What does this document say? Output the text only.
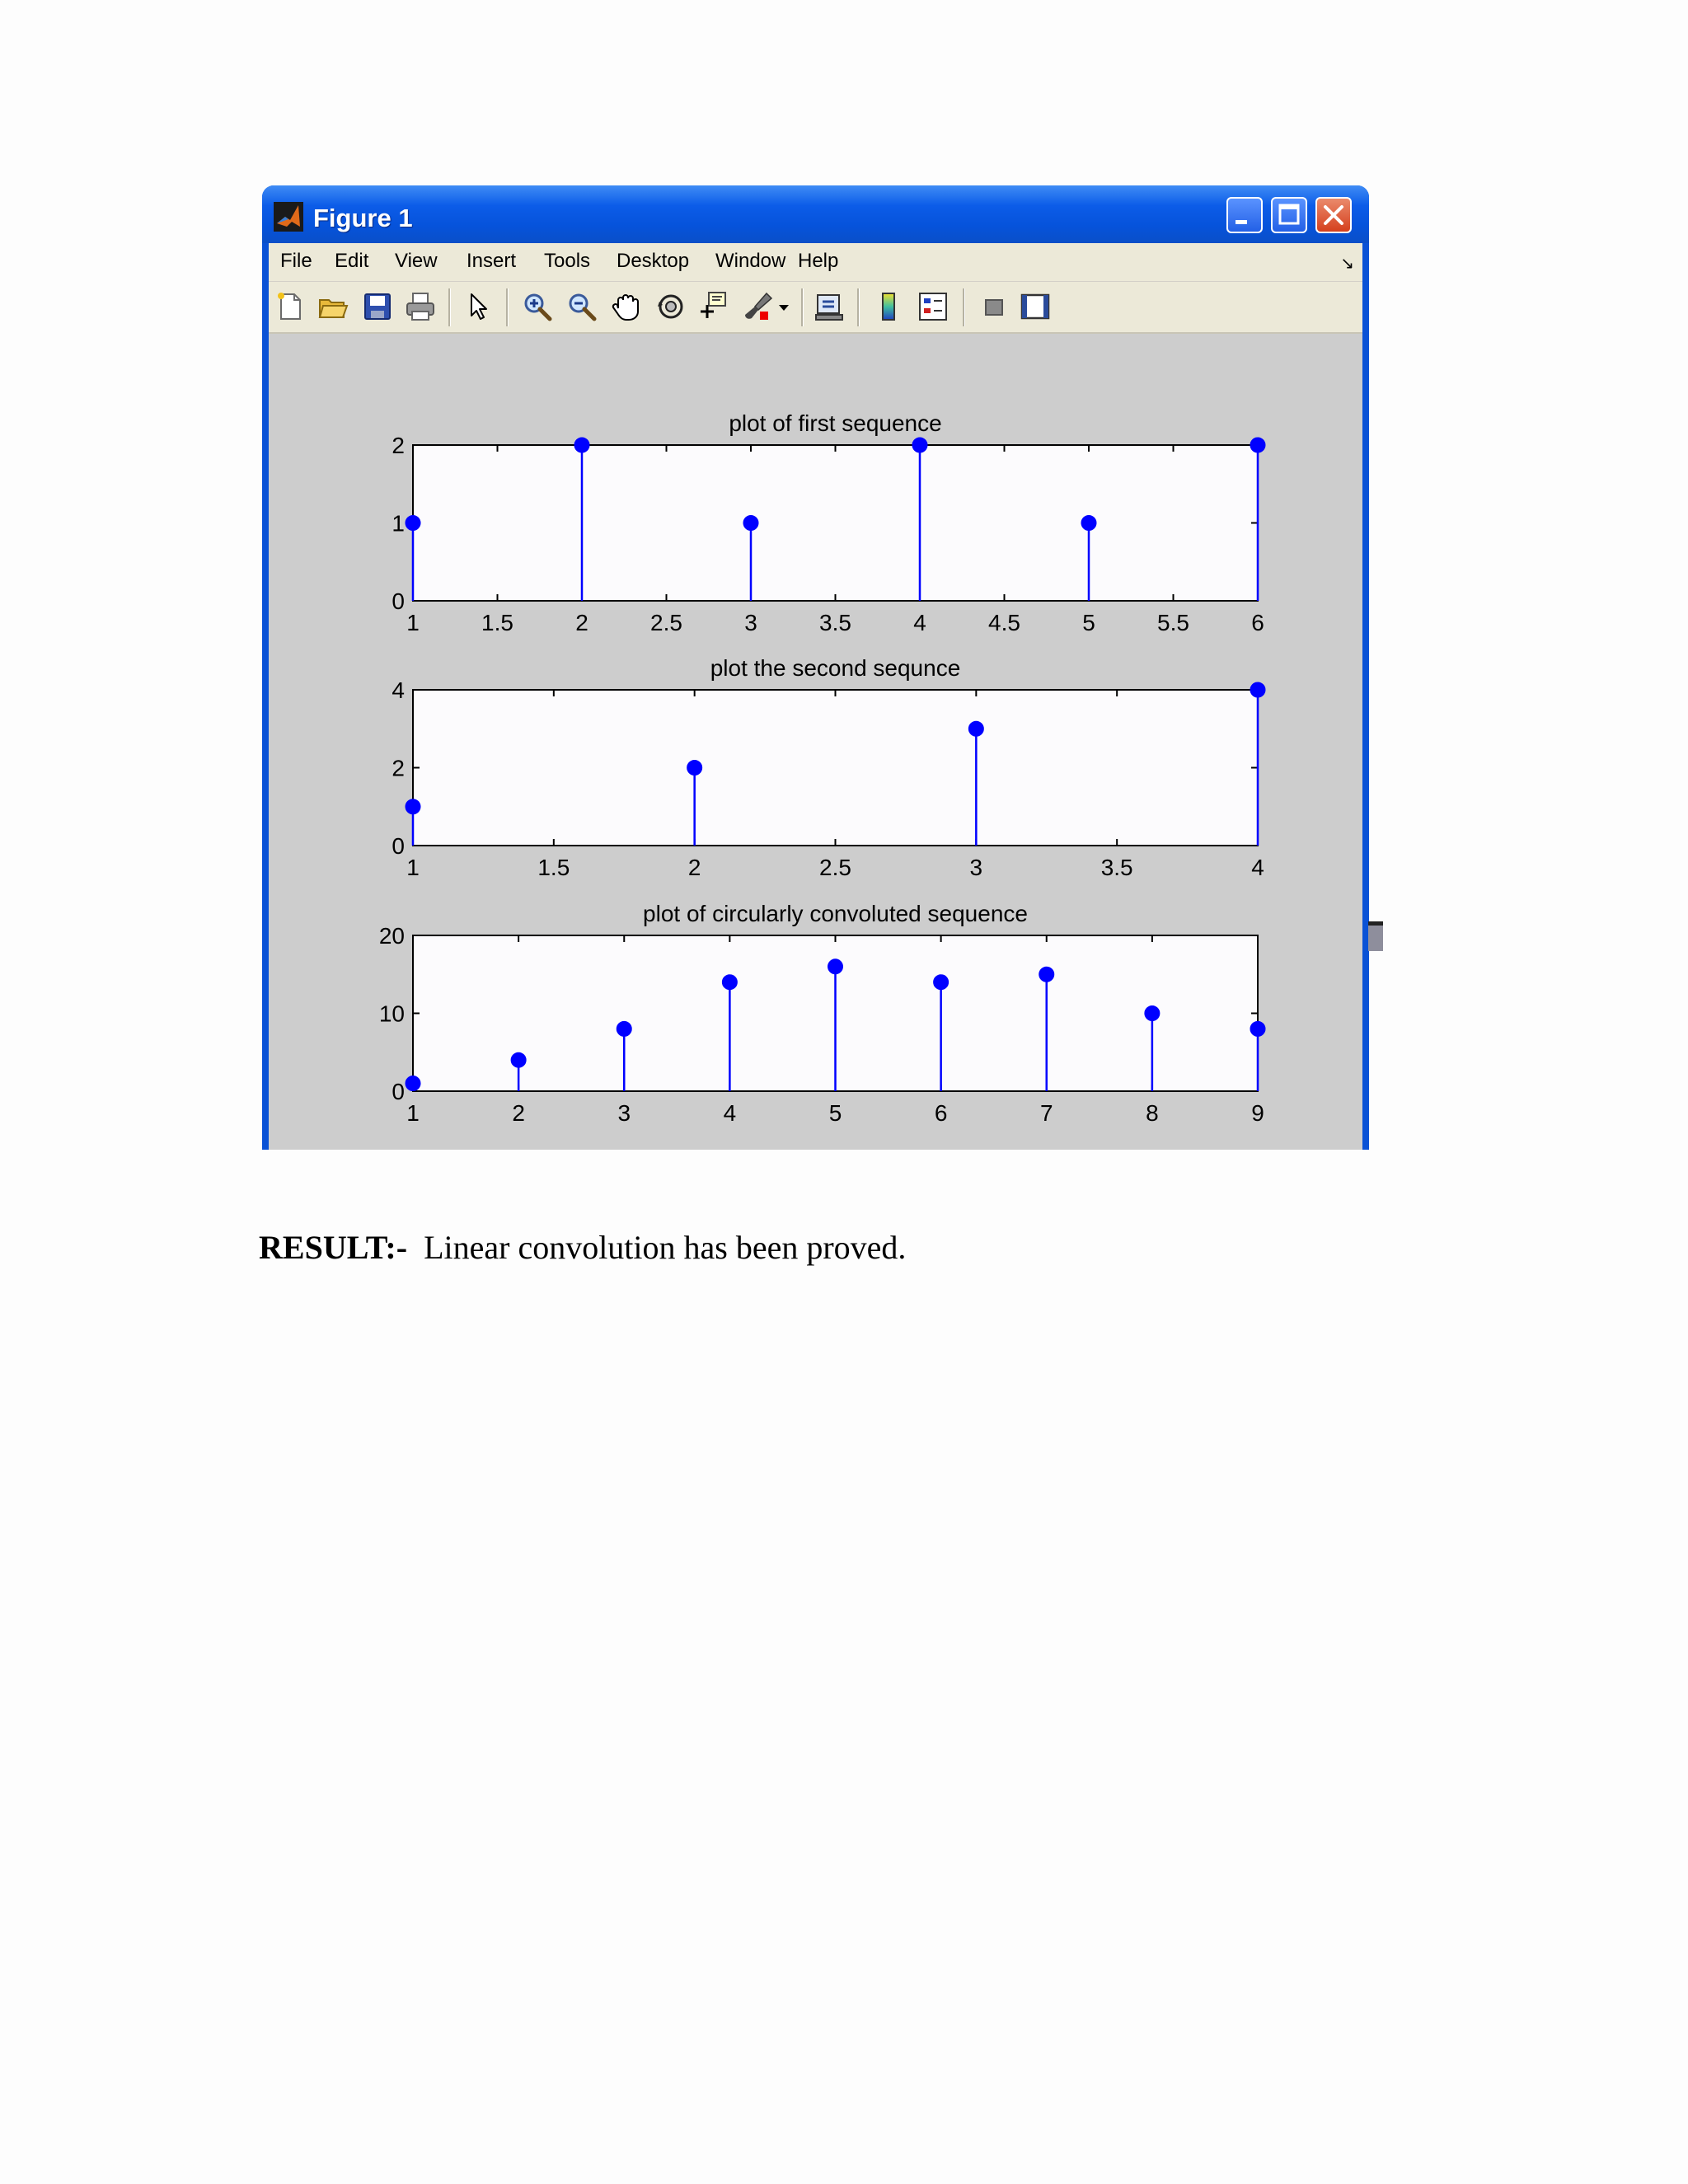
Figure 1
File Edit View Insert Tools Desktop Window Help	↘
plot of first sequence
1	1.5	2	2.5	3	3.5	4	4.5	5	5.5	6
0
1
2
plot the second sequnce
1	1.5	2	2.5	3	3.5	4
0
2
4
plot of circularly convoluted sequence
1	2	3	4	5	6	7	8	9
0
10
20
RESULT:- Linear convolution has been proved.
